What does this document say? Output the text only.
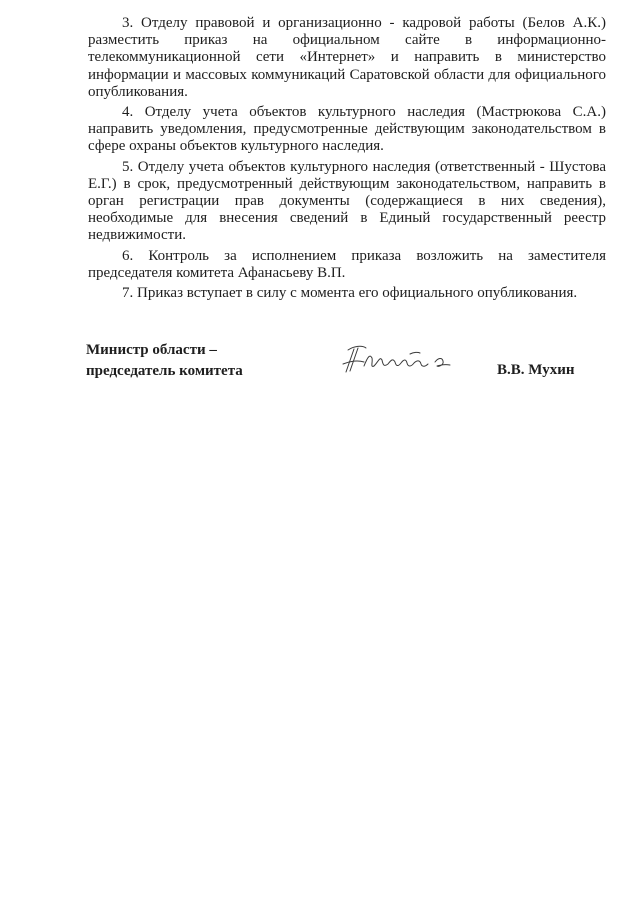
3. Отделу правовой и организационно - кадровой работы (Белов А.К.) разместить приказ на официальном сайте в информационно-телекоммуникационной сети «Интернет» и направить в министерство информации и массовых коммуникаций Саратовской области для официального опубликования.

4. Отделу учета объектов культурного наследия (Мастрюкова С.А.) направить уведомления, предусмотренные действующим законодательством в сфере охраны объектов культурного наследия.

5. Отделу учета объектов культурного наследия (ответственный - Шустова Е.Г.) в срок, предусмотренный действующим законодательством, направить в орган регистрации прав документы (содержащиеся в них сведения), необходимые для внесения сведений в Единый государственный реестр недвижимости.

6. Контроль за исполнением приказа возложить на заместителя председателя комитета Афанасьеву В.П.

7. Приказ вступает в силу с момента его официального опубликования.

Министр области –
председатель комитета	В.В. Мухин
